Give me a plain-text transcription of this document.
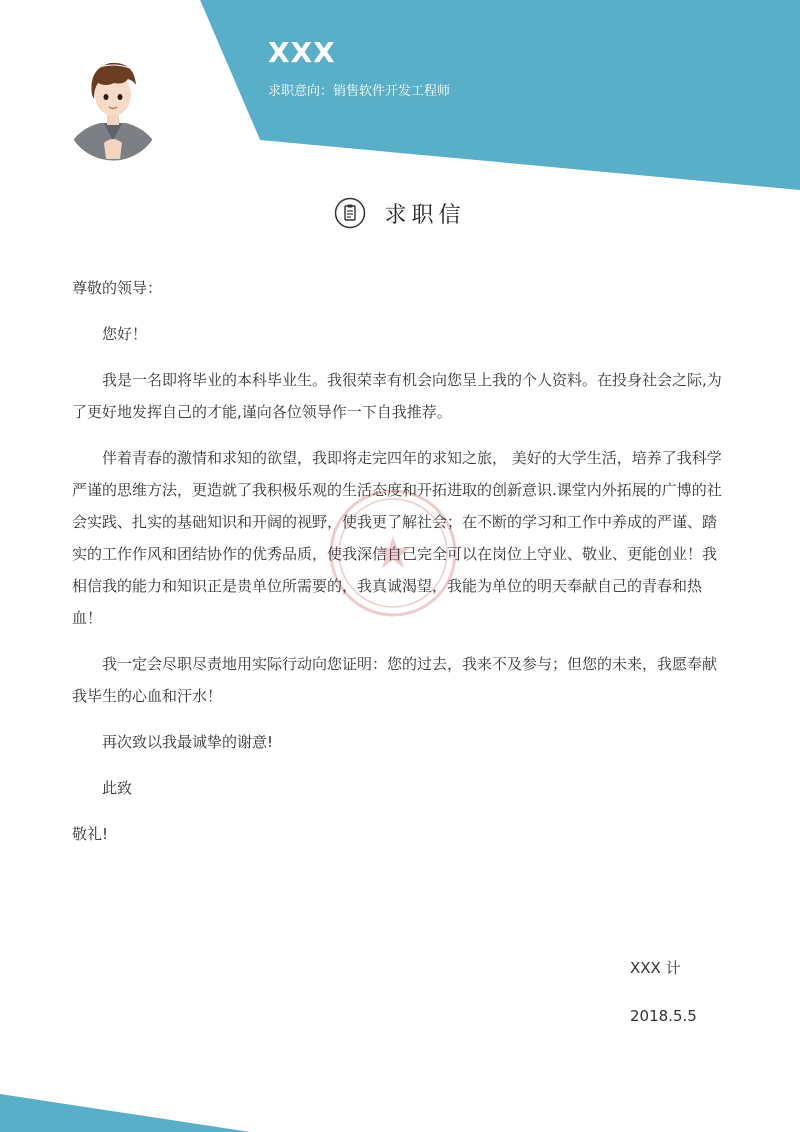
XXX
求职意向：销售软件开发工程师
求职信

尊敬的领导：

您好！

我是一名即将毕业的本科毕业生。我很荣幸有机会向您呈上我的个人资料。在投身社会之际,为了更好地发挥自己的才能,谨向各位领导作一下自我推荐。

伴着青春的激情和求知的欲望，我即将走完四年的求知之旅， 美好的大学生活，培养了我科学严谨的思维方法，更造就了我积极乐观的生活态度和开拓进取的创新意识.课堂内外拓展的广博的社会实践、扎实的基础知识和开阔的视野，使我更了解社会；在不断的学习和工作中养成的严谨、踏实的工作作风和团结协作的优秀品质，使我深信自己完全可以在岗位上守业、敬业、更能创业！我相信我的能力和知识正是贵单位所需要的，我真诚渴望，我能为单位的明天奉献自己的青春和热血！

我一定会尽职尽责地用实际行动向您证明：您的过去，我来不及参与；但您的未来，我愿奉献我毕生的心血和汗水！

再次致以我最诚挚的谢意!

此致

敬礼!

XXX 计
2018.5.5
